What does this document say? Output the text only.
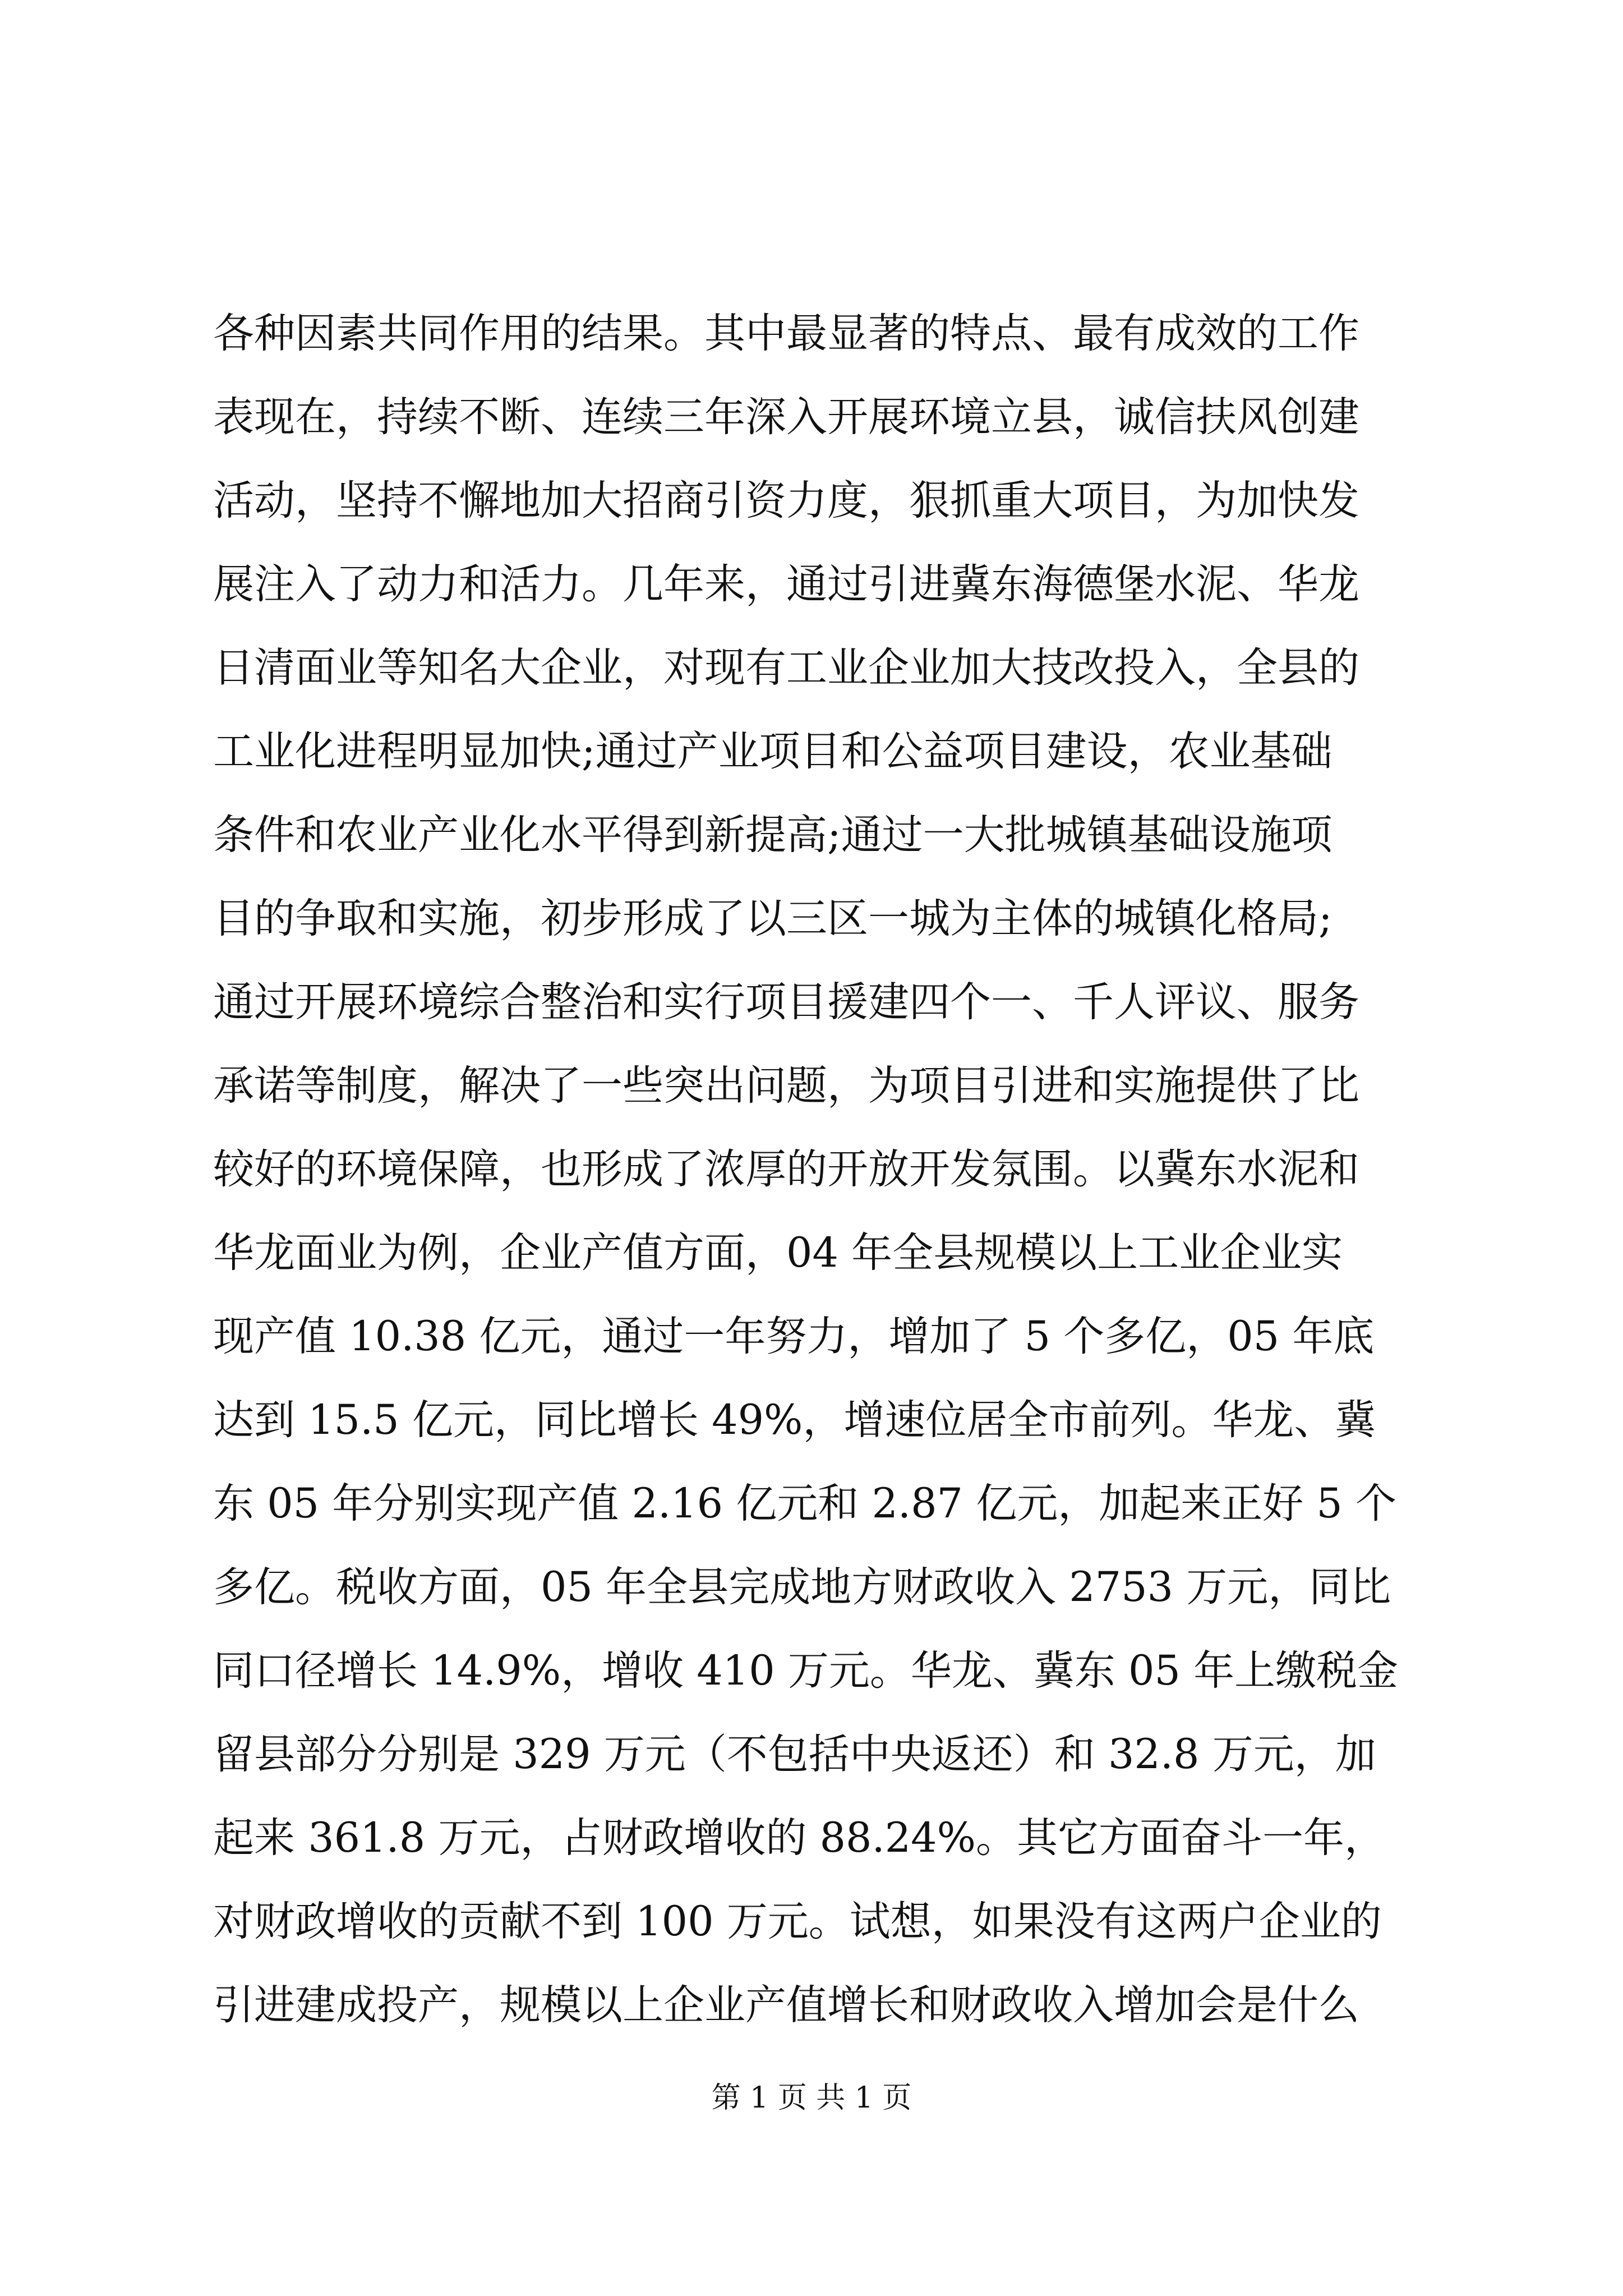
各种因素共同作用的结果。其中最显著的特点、最有成效的工作
表现在，持续不断、连续三年深入开展环境立县，诚信扶风创建
活动，坚持不懈地加大招商引资力度，狠抓重大项目，为加快发
展注入了动力和活力。几年来，通过引进冀东海德堡水泥、华龙
日清面业等知名大企业，对现有工业企业加大技改投入，全县的
工业化进程明显加快;通过产业项目和公益项目建设，农业基础
条件和农业产业化水平得到新提高;通过一大批城镇基础设施项
目的争取和实施，初步形成了以三区一城为主体的城镇化格局;
通过开展环境综合整治和实行项目援建四个一、千人评议、服务
承诺等制度，解决了一些突出问题，为项目引进和实施提供了比
较好的环境保障，也形成了浓厚的开放开发氛围。以冀东水泥和
华龙面业为例，企业产值方面，04 年全县规模以上工业企业实
现产值 10.38 亿元，通过一年努力，增加了 5 个多亿，05 年底
达到 15.5 亿元，同比增长 49%，增速位居全市前列。华龙、冀
东 05 年分别实现产值 2.16 亿元和 2.87 亿元，加起来正好 5 个
多亿。税收方面，05 年全县完成地方财政收入 2753 万元，同比
同口径增长 14.9%，增收 410 万元。华龙、冀东 05 年上缴税金
留县部分分别是 329 万元（不包括中央返还）和 32.8 万元，加
起来 361.8 万元，占财政增收的 88.24%。其它方面奋斗一年，
对财政增收的贡献不到 100 万元。试想，如果没有这两户企业的
引进建成投产，规模以上企业产值增长和财政收入增加会是什么
第 1 页 共 1 页
